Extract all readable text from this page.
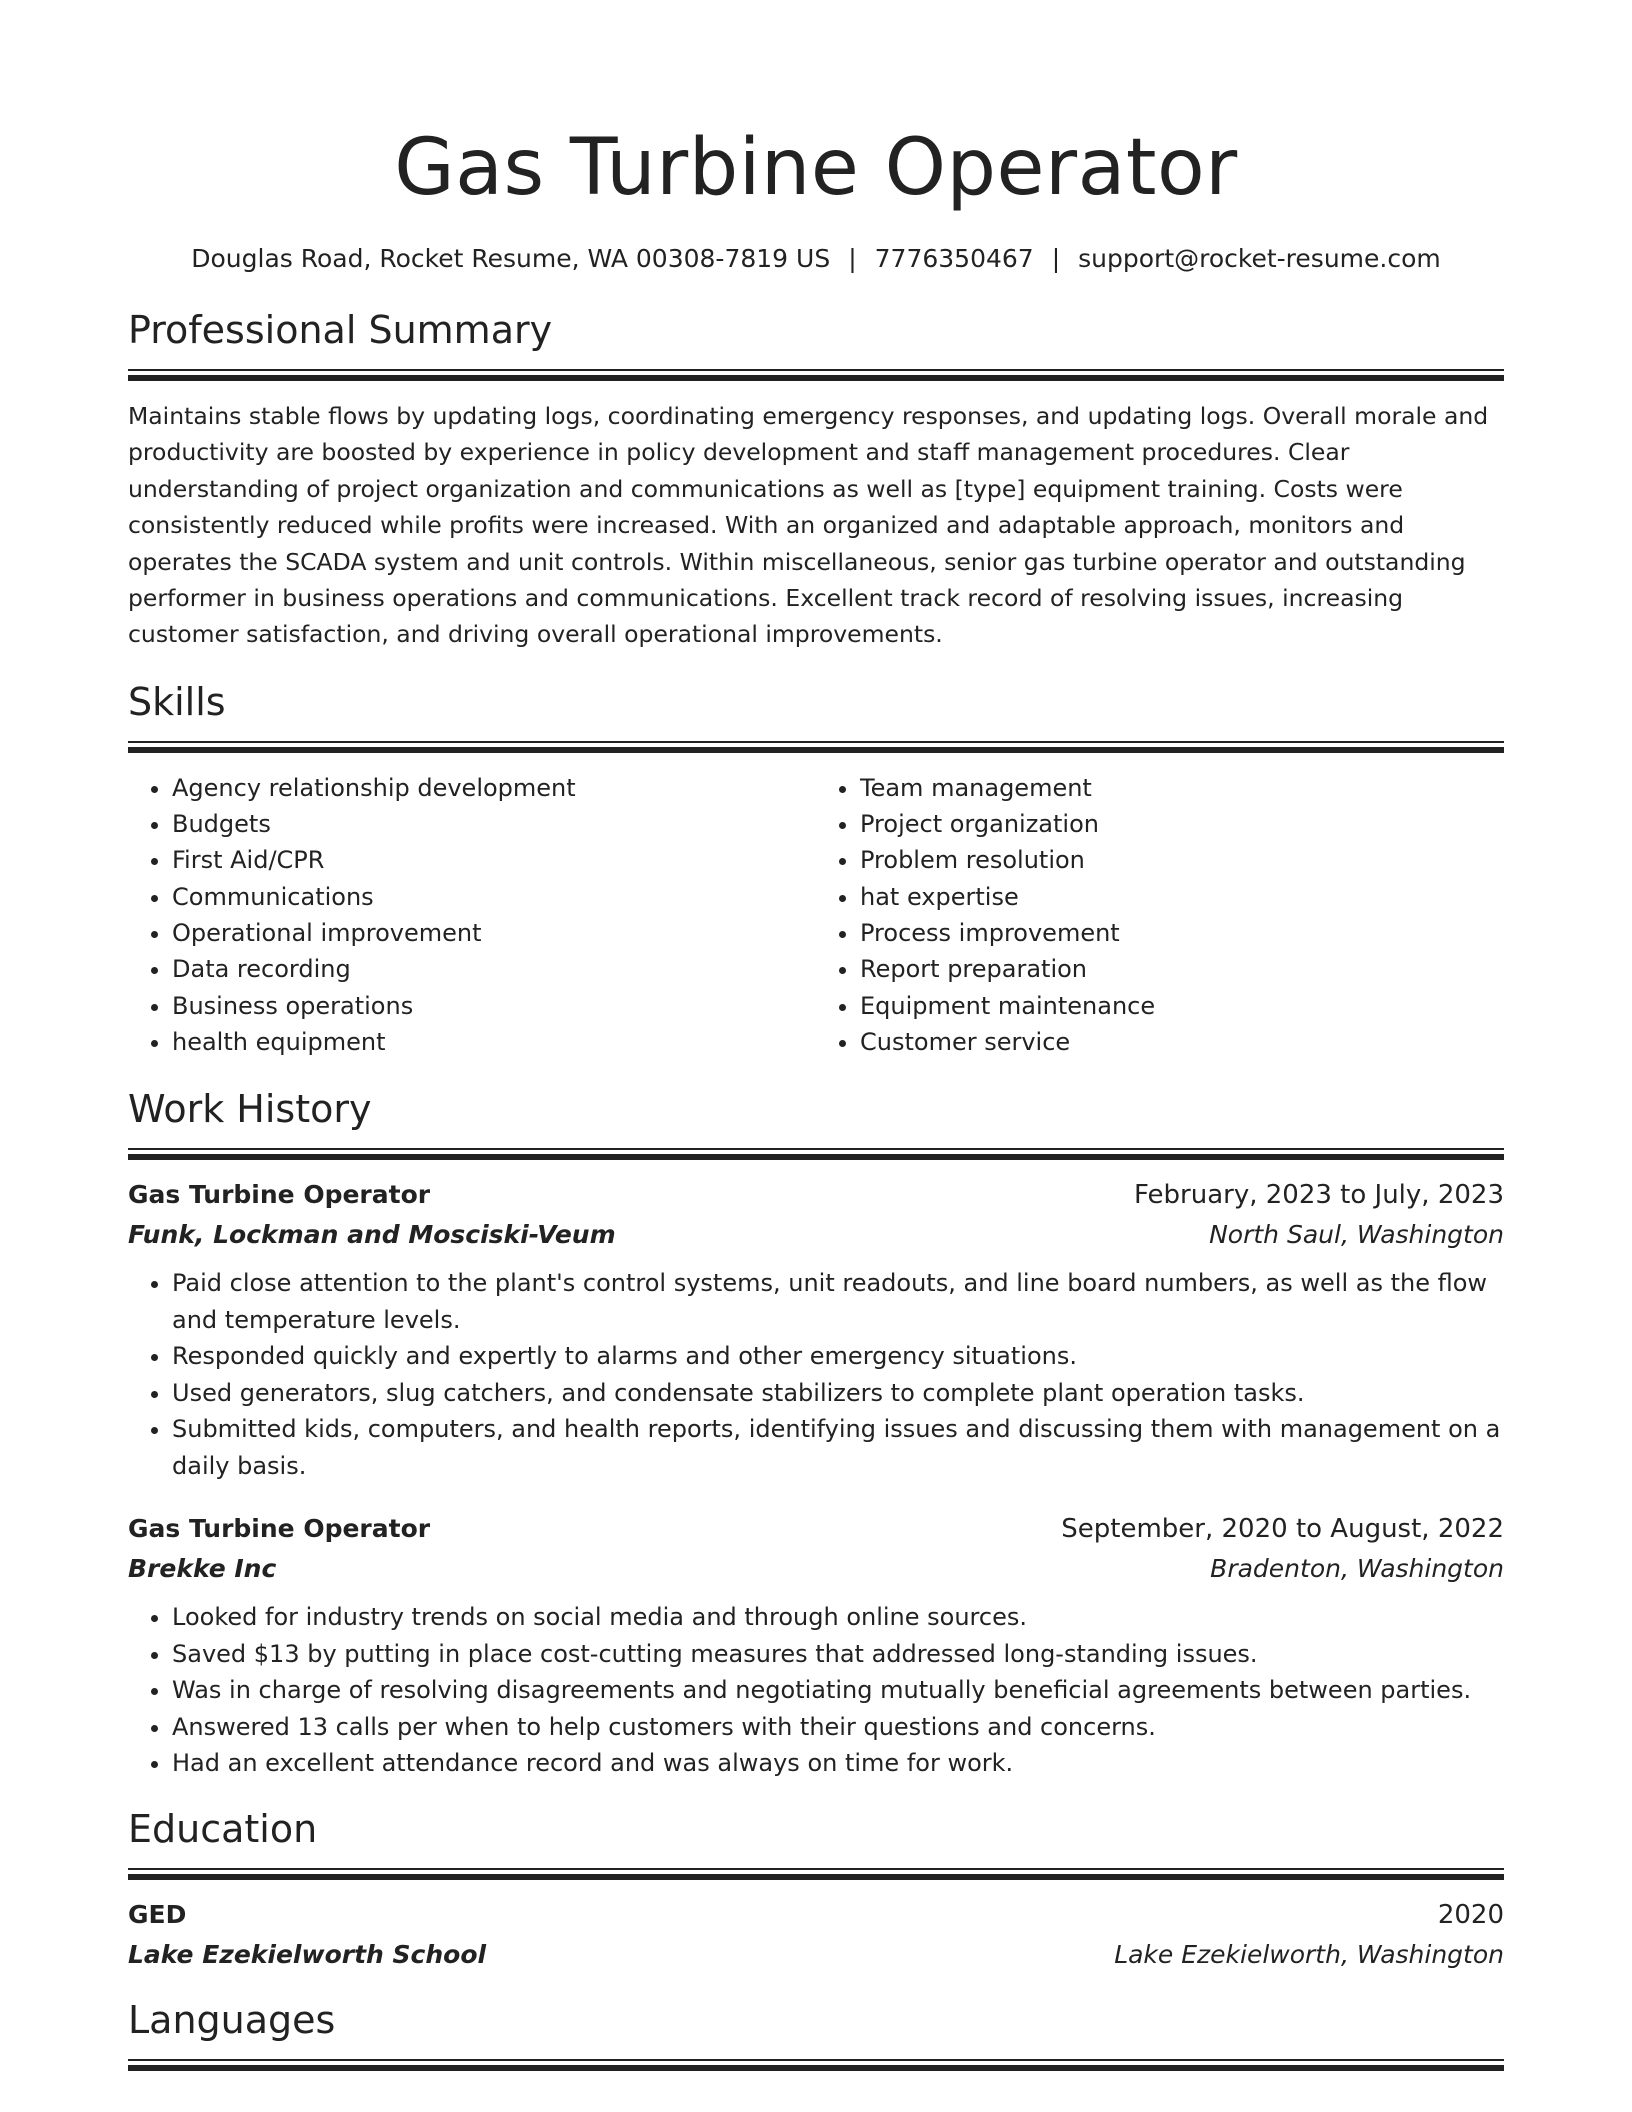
Gas Turbine Operator
Douglas Road, Rocket Resume, WA 00308-7819 US | 7776350467 | support@rocket-resume.com
Professional Summary
Maintains stable flows by updating logs, coordinating emergency responses, and updating logs. Overall morale and productivity are boosted by experience in policy development and staff management procedures. Clear understanding of project organization and communications as well as [type] equipment training. Costs were consistently reduced while profits were increased. With an organized and adaptable approach, monitors and operates the SCADA system and unit controls. Within miscellaneous, senior gas turbine operator and outstanding performer in business operations and communications. Excellent track record of resolving issues, increasing customer satisfaction, and driving overall operational improvements.
Skills
• Agency relationship development
• Budgets
• First Aid/CPR
• Communications
• Operational improvement
• Data recording
• Business operations
• health equipment
• Team management
• Project organization
• Problem resolution
• hat expertise
• Process improvement
• Report preparation
• Equipment maintenance
• Customer service
Work History
Gas Turbine Operator	February, 2023 to July, 2023
Funk, Lockman and Mosciski-Veum	North Saul, Washington
• Paid close attention to the plant's control systems, unit readouts, and line board numbers, as well as the flow and temperature levels.
• Responded quickly and expertly to alarms and other emergency situations.
• Used generators, slug catchers, and condensate stabilizers to complete plant operation tasks.
• Submitted kids, computers, and health reports, identifying issues and discussing them with management on a daily basis.
Gas Turbine Operator	September, 2020 to August, 2022
Brekke Inc	Bradenton, Washington
• Looked for industry trends on social media and through online sources.
• Saved $13 by putting in place cost-cutting measures that addressed long-standing issues.
• Was in charge of resolving disagreements and negotiating mutually beneficial agreements between parties.
• Answered 13 calls per when to help customers with their questions and concerns.
• Had an excellent attendance record and was always on time for work.
Education
GED	2020
Lake Ezekielworth School	Lake Ezekielworth, Washington
Languages
